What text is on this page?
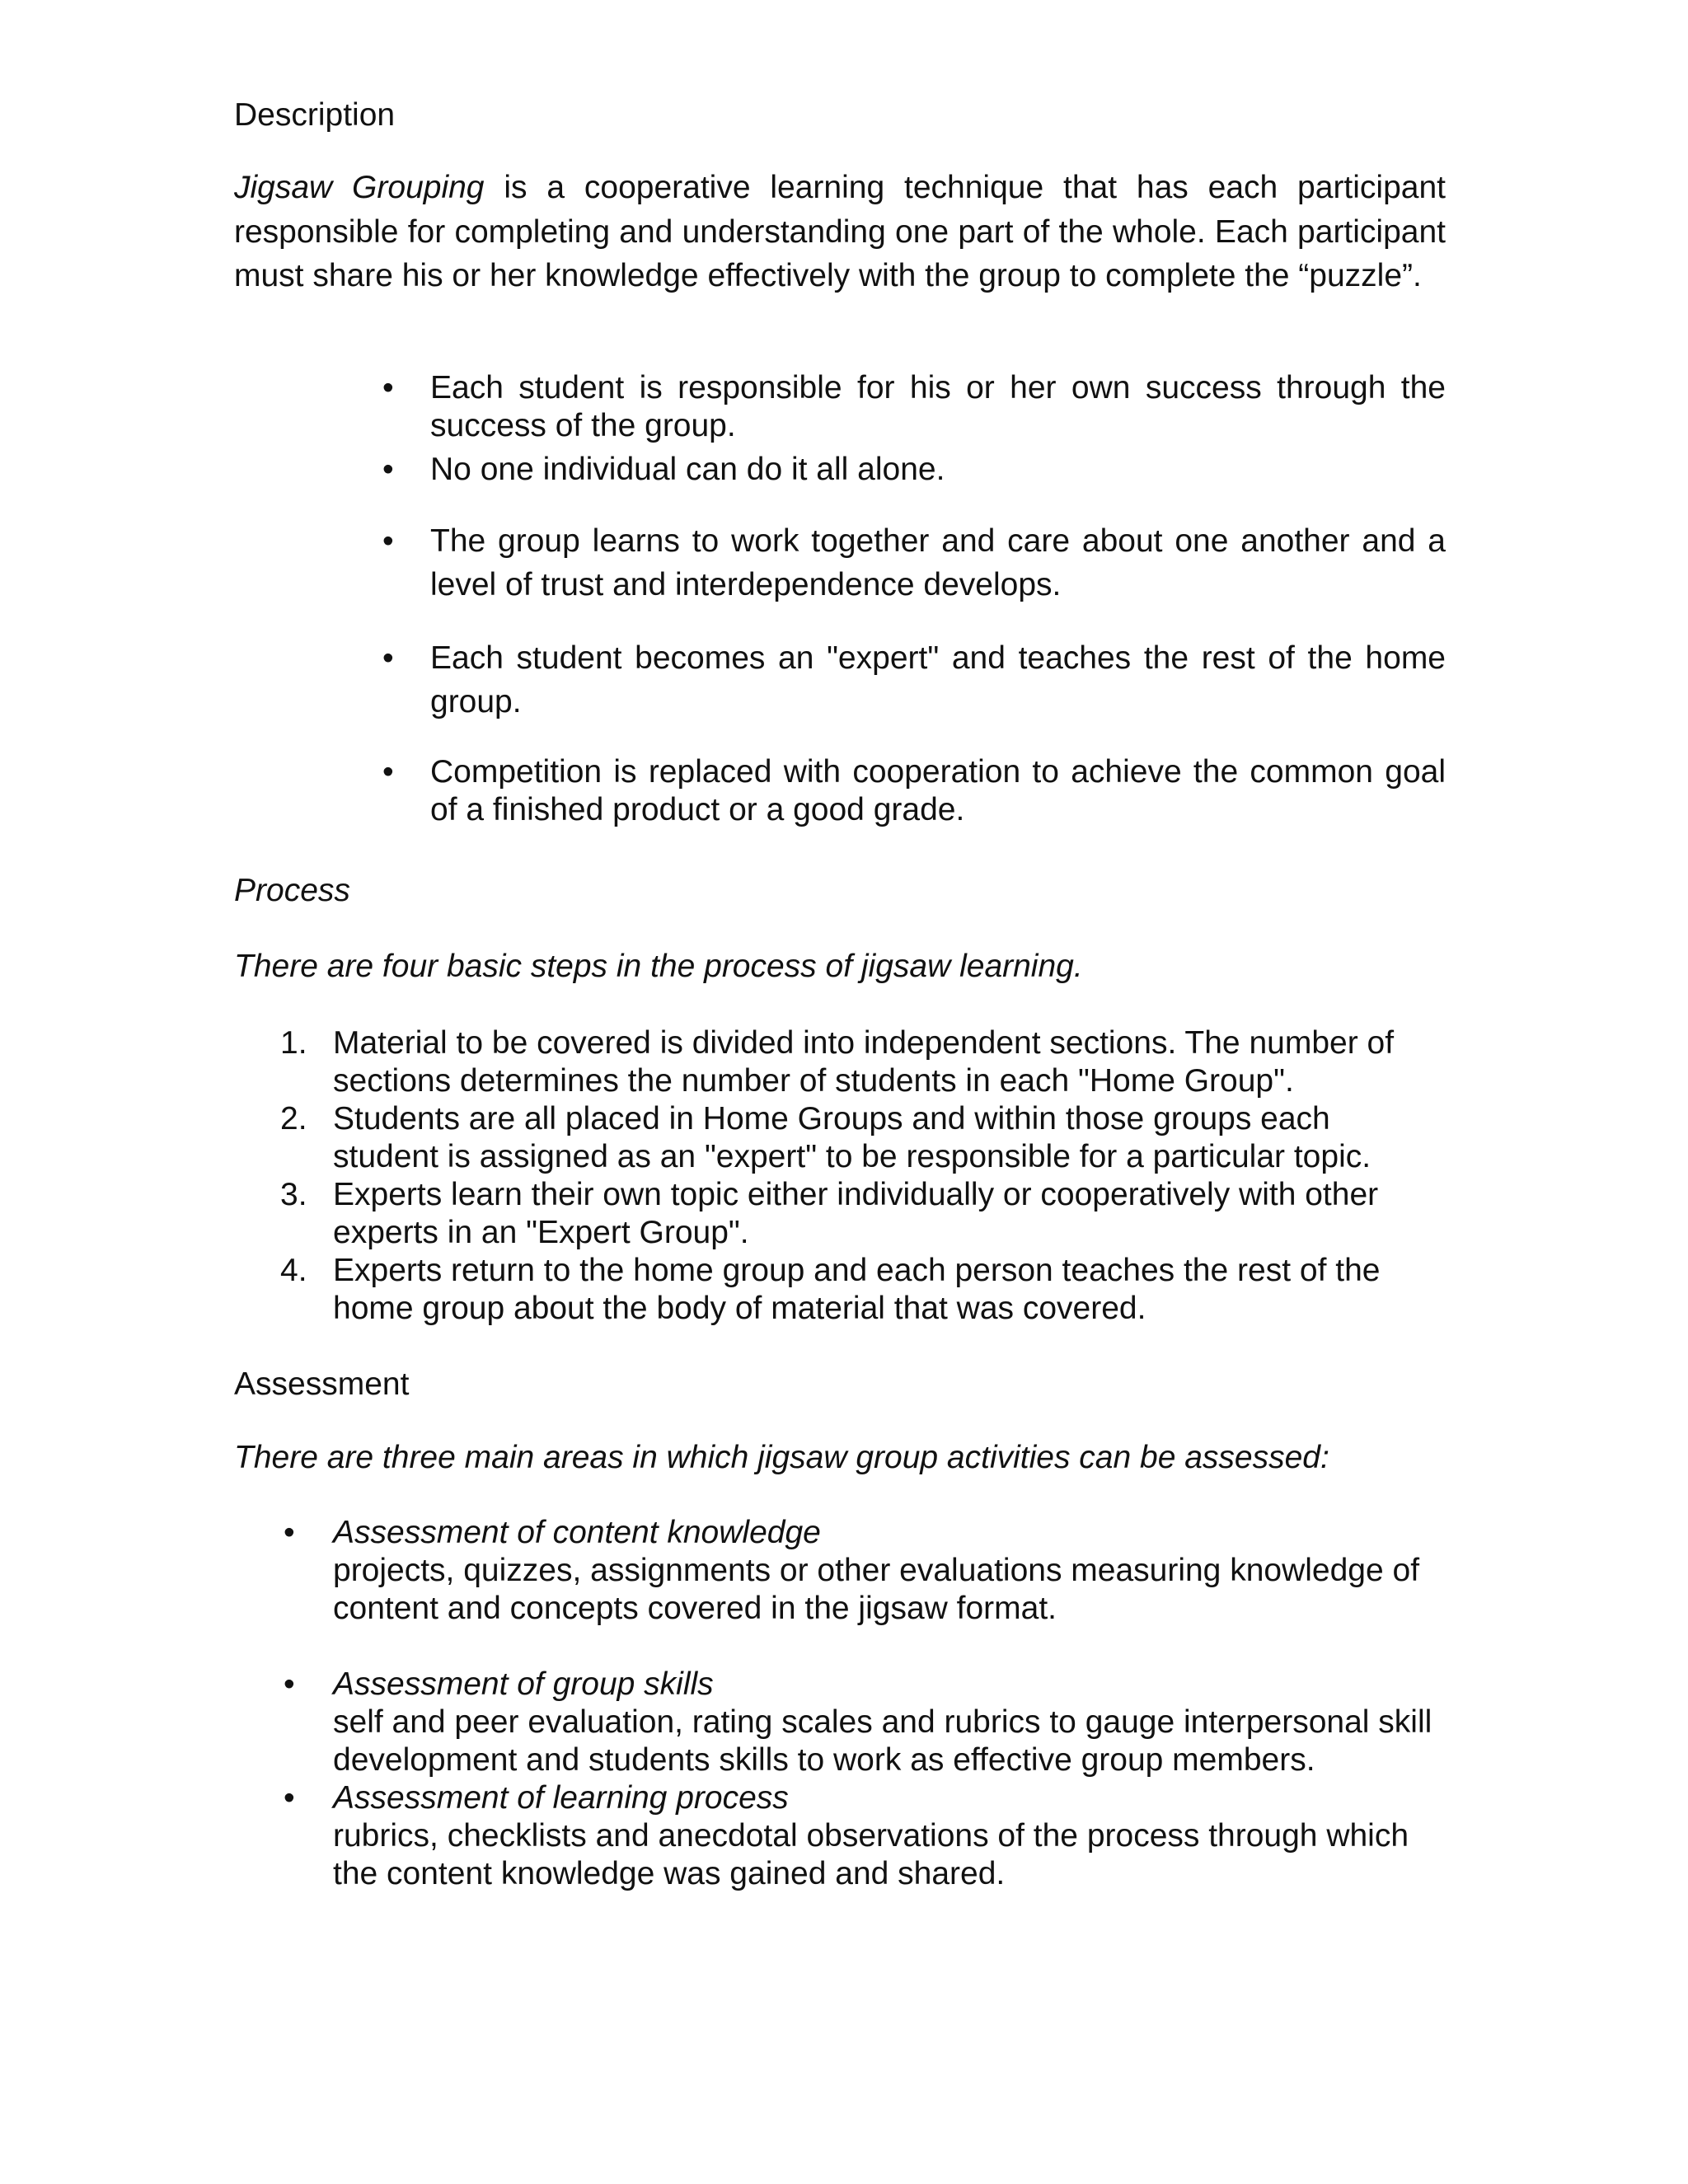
Description

Jigsaw Grouping is a cooperative learning technique that has each participant responsible for completing and understanding one part of the whole. Each participant must share his or her knowledge effectively with the group to complete the “puzzle”.

• Each student is responsible for his or her own success through the success of the group.
• No one individual can do it all alone.
• The group learns to work together and care about one another and a level of trust and interdependence develops.
• Each student becomes an "expert" and teaches the rest of the home group.
• Competition is replaced with cooperation to achieve the common goal of a finished product or a good grade.

Process

There are four basic steps in the process of jigsaw learning.

1. Material to be covered is divided into independent sections. The number of sections determines the number of students in each "Home Group".
2. Students are all placed in Home Groups and within those groups each student is assigned as an "expert" to be responsible for a particular topic.
3. Experts learn their own topic either individually or cooperatively with other experts in an "Expert Group".
4. Experts return to the home group and each person teaches the rest of the home group about the body of material that was covered.

Assessment

There are three main areas in which jigsaw group activities can be assessed:

• Assessment of content knowledge
projects, quizzes, assignments or other evaluations measuring knowledge of content and concepts covered in the jigsaw format.
• Assessment of group skills
self and peer evaluation, rating scales and rubrics to gauge interpersonal skill development and students skills to work as effective group members.
• Assessment of learning process
rubrics, checklists and anecdotal observations of the process through which the content knowledge was gained and shared.
